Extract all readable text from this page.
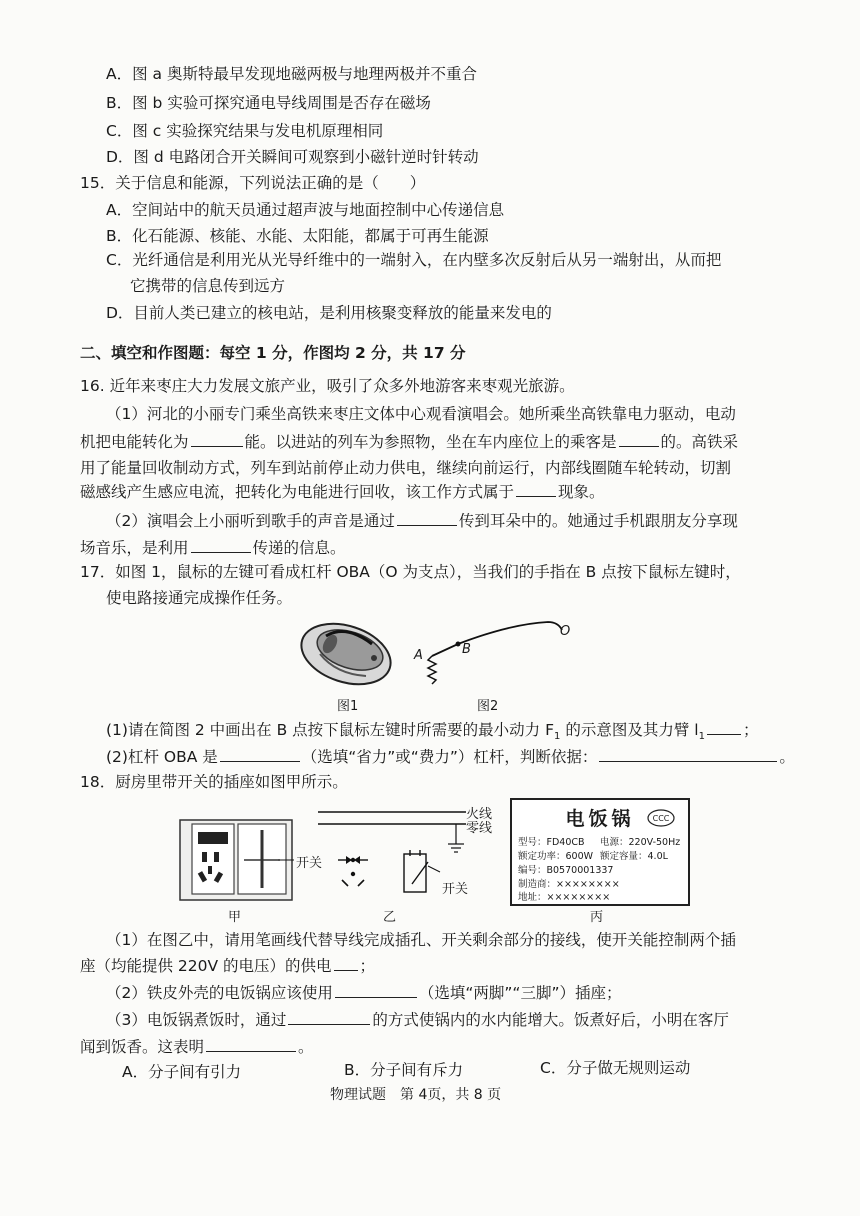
A．图 a 奥斯特最早发现地磁两极与地理两极并不重合
B．图 b 实验可探究通电导线周围是否存在磁场
C．图 c 实验探究结果与发电机原理相同
D．图 d 电路闭合开关瞬间可观察到小磁针逆时针转动
15．关于信息和能源，下列说法正确的是（　　）
A．空间站中的航天员通过超声波与地面控制中心传递信息
B．化石能源、核能、水能、太阳能，都属于可再生能源
C．光纤通信是利用光从光导纤维中的一端射入，在内壁多次反射后从另一端射出，从而把
它携带的信息传到远方
D．目前人类已建立的核电站，是利用核聚变释放的能量来发电的
二、填空和作图题：每空 1 分，作图均 2 分，共 17 分
16. 近年来枣庄大力发展文旅产业，吸引了众多外地游客来枣观光旅游。
（1）河北的小丽专门乘坐高铁来枣庄文体中心观看演唱会。她所乘坐高铁靠电力驱动，电动
机把电能转化为	能。以进站的列车为参照物，坐在车内座位上的乘客是	的。高铁采
用了能量回收制动方式，列车到站前停止动力供电，继续向前运行，内部线圈随车轮转动，切割
磁感线产生感应电流，把转化为电能进行回收，该工作方式属于	现象。
（2）演唱会上小丽听到歌手的声音是通过	传到耳朵中的。她通过手机跟朋友分享现
场音乐，是利用	传递的信息。
17．如图 1，鼠标的左键可看成杠杆 OBA（O 为支点），当我们的手指在 B 点按下鼠标左键时，
使电路接通完成操作任务。
图1
A	B
O
图2
(1)请在简图 2 中画出在 B 点按下鼠标左键时所需要的最小动力 $F_1$ 的示意图及其力臂 $l_1$ ；
(2)杠杆 OBA 是	（选填“省力”或“费力”）杠杆，判断依据：	。
18．厨房里带开关的插座如图甲所示。
开关
甲
火线
零线
开关
乙
电饭锅	CCC
型号：FD40CB 电源：220V-50Hz
额定功率：600W 额定容量：4.0L
编号：B0570001337
制造商：××××××××
地址：××××××××
丙
（1）在图乙中，请用笔画线代替导线完成插孔、开关剩余部分的接线，使开关能控制两个插
座（均能提供 220V 的电压）的供电 ；
（2）铁皮外壳的电饭锅应该使用	（选填“两脚”“三脚”）插座；
（3）电饭锅煮饭时，通过	的方式使锅内的水内能增大。饭煮好后，小明在客厅
闻到饭香。这表明	。
A．分子间有引力	B．分子间有斥力	C．分子做无规则运动
物理试题　第 4页，共 8 页
